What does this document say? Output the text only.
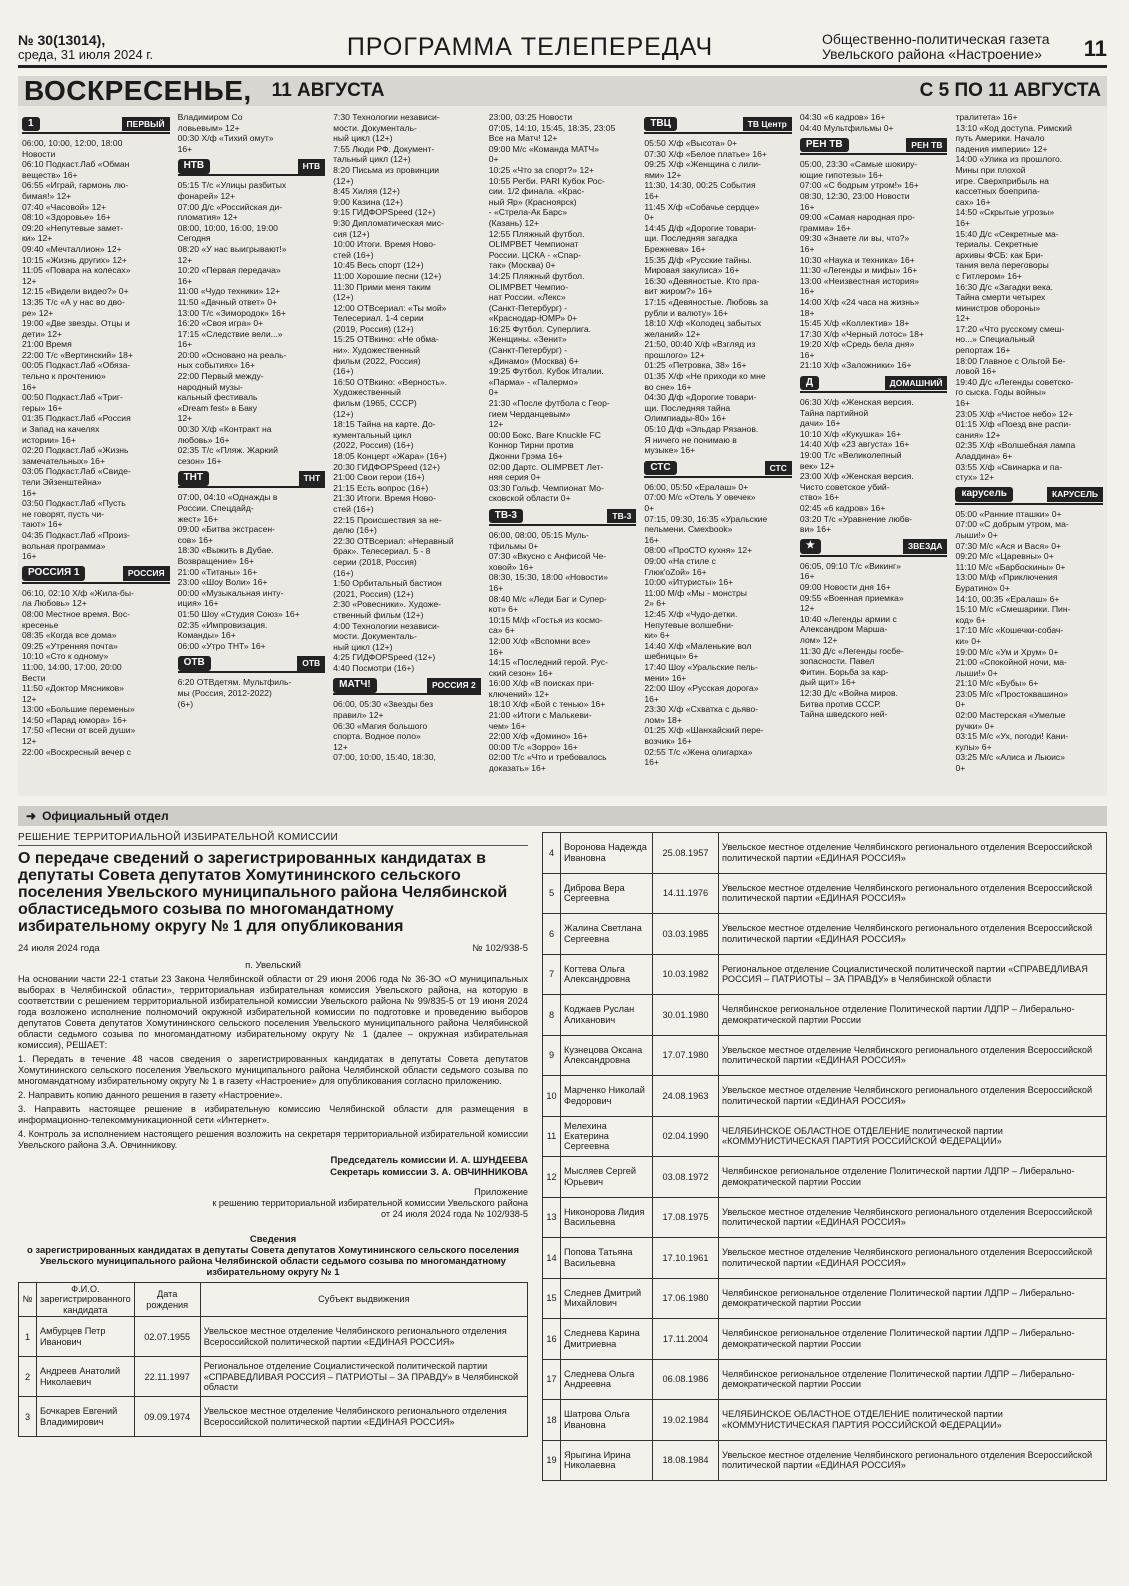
№ 30(13014),
среда, 31 июля 2024 г.	ПРОГРАММА ТЕЛЕПЕРЕДАЧ	Общественно-политическая газета
Увельского района «Настроение»	11
ВОСКРЕСЕНЬЕ, 11 АВГУСТА	С 5 ПО 11 АВГУСТА
1	ПЕРВЫЙ
06:00, 10:00, 12:00, 18:00
Новости
06:10 Подкаст.Лаб «Обман
веществ» 16+
06:55 «Играй, гармонь лю-
бимая!» 12+
07:40 «Часовой» 12+
08:10 «Здоровье» 16+
09:20 «Непутевые замет-
ки» 12+
09:40 «Мечталлион» 12+
10:15 «Жизнь других» 12+
11:05 «Повара на колесах»
12+
12:15 «Видели видео?» 0+
13:35 Т/с «А у нас во дво-
ре» 12+
19:00 «Две звезды. Отцы и
дети» 12+
21:00 Время
22:00 Т/с «Вертинский» 18+
00:05 Подкаст.Лаб «Обяза-
тельно к прочтению»
16+
00:50 Подкаст.Лаб «Триг-
геры» 16+
01:35 Подкаст.Лаб «Россия
и Запад на качелях
истории» 16+
02:20 Подкаст.Лаб «Жизнь
замечательных» 16+
03:05 Подкаст.Лаб «Свиде-
тели Эйзенштейна»
16+
03:50 Подкаст.Лаб «Пусть
не говорят, пусть чи-
тают» 16+
04:35 Подкаст.Лаб «Произ-
вольная программа»
16+
РОССИЯ 1	РОССИЯ
06:10, 02:10 Х/ф «Жила-бы-
ла Любовь» 12+
08:00 Местное время. Вос-
кресенье
08:35 «Когда все дома»
09:25 «Утренняя почта»
10:10 «Сто к одному»
11:00, 14:00, 17:00, 20:00
Вести
11:50 «Доктор Мясников»
12+
13:00 «Большие перемены»
14:50 «Парад юмора» 16+
17:50 «Песни от всей души»
12+
22:00 «Воскресный вечер с
Владимиром Со
ловьевым» 12+
00:30 Х/ф «Тихий омут»
16+
НТВ	НТВ
05:15 Т/с «Улицы разбитых
фонарей» 12+
07:00 Д/с «Российская ди-
пломатия» 12+
08:00, 10:00, 16:00, 19:00
Сегодня
08:20 «У нас выигрывают!»
12+
10:20 «Первая передача»
16+
11:00 «Чудо техники» 12+
11:50 «Дачный ответ» 0+
13:00 Т/с «Зимородок» 16+
16:20 «Своя игра» 0+
17:15 «Следствие вели...»
16+
20:00 «Основано на реаль-
ных событиях» 16+
22:00 Первый между-
народный музы-
кальный фестиваль
«Dream fest» в Баку
12+
00:30 Х/ф «Контракт на
любовь» 16+
02:35 Т/с «Пляж. Жаркий
сезон» 16+
ТНТ	ТНТ
07:00, 04:10 «Однажды в
России. Спецдайд-
жест» 16+
09:00 «Битва экстрасен-
сов» 16+
18:30 «Выжить в Дубае.
Возвращение» 16+
21:00 «Титаны» 16+
23:00 «Шоу Воли» 16+
00:00 «Музыкальная инту-
иция» 16+
01:50 Шоу «Студия Союз» 16+
02:35 «Импровизация.
Команды» 16+
06:00 «Утро ТНТ» 16+
ОТВ	ОТВ
6:20 ОТВдетям. Мультфиль-
мы (Россия, 2012-2022)
(6+)
7:30 Технологии независи-
мости. Документаль-
ный цикл (12+)
7:55 Люди РФ. Документ-
тальный цикл (12+)
8:20 Письма из провинции
(12+)
8:45 Хиляя (12+)
9:00 Казина (12+)
9:15 ГИДФОРSpeed (12+)
9:30 Дипломатическая мис-
сия (12+)
10:00 Итоги. Время Ново-
стей (16+)
10:45 Весь спорт (12+)
11:00 Хорошие песни (12+)
11:30 Прими меня таким
(12+)
12:00 ОТВсериал: «Ты мой»
Телесериал. 1-4 серии
(2019, Россия) (12+)
15:25 ОТВкино: «Не обма-
ни». Художественный
фильм (2022, Россия)
(16+)
16:50 ОТВкино: «Верность».
Художественный
фильм (1965, СССР)
(12+)
18:15 Тайна на карте. До-
кументальный цикл
(2022, Россия) (16+)
18:05 Концерт «Жара» (16+)
20:30 ГИДФОРSpeed (12+)
21:00 Свои герои (16+)
21:15 Есть вопрос (16+)
21:30 Итоги. Время Ново-
стей (16+)
22:15 Происшествия за не-
делю (16+)
22:30 ОТВсериал: «Неравный
брак». Телесериал. 5 - 8
серии (2018, Россия)
(16+)
1:50 Орбитальный бастион
(2021, Россия) (12+)
2:30 «Ровесники». Художе-
ственный фильм (12+)
4:00 Технологии независи-
мости. Документаль-
ный цикл (12+)
4:25 ГИДФОРSpeed (12+)
4:40 Посмотри (16+)
МАТЧ!	РОССИЯ 2
06:00, 05:30 «Звезды без
правил» 12+
06:30 «Магия большого
спорта. Водное поло»
12+
07:00, 10:00, 15:40, 18:30,
23:00, 03:25 Новости
07:05, 14:10, 15:45, 18:35, 23:05
Все на Матч! 12+
09:00 М/с «Команда МАТЧ»
0+
10:25 «Что за спорт?» 12+
10:55 Регби. PARI Кубок Рос-
сии. 1/2 финала. «Крас-
ный Яр» (Красноярск)
- «Стрела-Ак Барс»
(Казань) 12+
12:55 Пляжный футбол.
OLIMPBET Чемпионат
России. ЦСКА - «Спар-
так» (Москва) 0+
14:25 Пляжный футбол.
OLIMPBET Чемпио-
нат России. «Лекс»
(Санкт-Петербург) -
«Краснодар-ЮМР» 0+
16:25 Футбол. Суперлига.
Женщины. «Зенит»
(Санкт-Петербург) -
«Динамо» (Москва) 6+
19:25 Футбол. Кубок Италии.
«Парма» - «Палермо»
0+
21:30 «После футбола с Геор-
гием Черданцевым»
12+
00:00 Бокс. Bare Knuckle FC
Коннор Тирни против
Джонни Грэма 16+
02:00 Дартс. OLIMPBET Лет-
няя серия 0+
03:30 Гольф. Чемпионат Мо-
сковской области 0+
ТВ-3	ТВ-3
06:00, 08:00, 05:15 Муль-
тфильмы 0+
07:30 «Вкусно с Анфисой Че-
ховой» 16+
08:30, 15:30, 18:00 «Новости»
16+
08:40 М/с «Леди Баг и Супер-
кот» 6+
10:15 М/ф «Гостья из космо-
са» 6+
12:00 Х/ф «Вспомни все»
16+
14:15 «Последний герой. Рус-
ский сезон» 16+
16:00 Х/ф «В поисках при-
ключений» 12+
18:10 Х/ф «Бой с тенью» 16+
21:00 «Итоги с Малькеви-
чем» 16+
22:00 Х/ф «Домино» 16+
00:00 Т/с «Зорро» 16+
02:00 Т/с «Что и требовалось
доказать» 16+
ТВЦ	ТВ Центр
05:50 Х/ф «Высота» 0+
07:30 Х/ф «Белое платье» 16+
09:25 Х/ф «Женщина с лили-
ями» 12+
11:30, 14:30, 00:25 События
16+
11:45 Х/ф «Собачье сердце»
0+
14:45 Д/ф «Дорогие товари-
щи. Последняя загадка
Брежнева» 16+
15:35 Д/ф «Русские тайны.
Мировая закулиса» 16+
16:30 «Девяностые. Кто пра-
вит жиром?» 16+
17:15 «Девяностые. Любовь за
рубли и валюту» 16+
18:10 Х/ф «Колодец забытых
желаний» 12+
21:50, 00:40 Х/ф «Взгляд из
прошлого» 12+
01:25 «Петровка, 38» 16+
01:35 Х/ф «Не приходи ко мне
во сне» 16+
04:30 Д/ф «Дорогие товари-
щи. Последняя тайна
Олимпиады-80» 16+
05:10 Д/ф «Эльдар Рязанов.
Я ничего не понимаю в
музыке» 16+
СТС	СТС
06:00, 05:50 «Ералаш» 0+
07:00 М/с «Отель У овечек»
0+
07:15, 09:30, 16:35 «Уральские
пельмени. Смехbook»
16+
08:00 «ПроСТО кухня» 12+
09:00 «На стиле с
Глюк'oZой» 16+
10:00 «Итуристы» 16+
11:00 М/ф «Мы - монстры
2» 6+
12:45 Х/ф «Чудо-детки.
Непутевые волшебни-
ки» 6+
14:40 Х/ф «Маленькие вол
шебницы» 6+
17:40 Шоу «Уральские пель-
мени» 16+
22:00 Шоу «Русская дорога»
16+
23:30 Х/ф «Схватка с дьяво-
лом» 18+
01:25 Х/ф «Шанхайский пере-
возчик» 16+
02:55 Т/с «Жена олигарха»
16+
04:30 «6 кадров» 16+
04:40 Мультфильмы 0+
РЕН ТВ	РЕН ТВ
05:00, 23:30 «Самые шокиру-
ющие гипотезы» 16+
07:00 «С бодрым утром!» 16+
08:30, 12:30, 23:00 Новости
16+
09:00 «Самая народная про-
грамма» 16+
09:30 «Знаете ли вы, что?»
16+
10:30 «Наука и техника» 16+
11:30 «Легенды и мифы» 16+
13:00 «Неизвестная история»
16+
14:00 Х/ф «24 часа на жизнь»
18+
15:45 Х/ф «Коллектив» 18+
17:30 Х/ф «Черный лотос» 18+
19:20 Х/ф «Средь бела дня»
16+
21:10 Х/ф «Заложники» 16+
Д	ДОМАШНИЙ
06:30 Х/ф «Женская версия.
Тайна партийной
дачи» 16+
10:10 Х/ф «Кукушка» 16+
14:40 Х/ф «23 августа» 16+
19:00 Т/с «Великолепный
век» 12+
23:00 Х/ф «Женская версия.
Чисто советское убий-
ство» 16+
02:45 «6 кадров» 16+
03:20 Т/с «Уравнение любв-
ви» 16+
★	ЗВЕЗДА
06:05, 09:10 Т/с «Викинг»
16+
09:00 Новости дня 16+
09:55 «Военная приемка»
12+
10:40 «Легенды армии с
Александром Марша-
лом» 12+
11:30 Д/с «Легенды госбе-
зопасности. Павел
Фитин. Борьба за кар-
дый щит» 16+
12:30 Д/с «Война миров.
Битва против СССР.
Тайна шведского ней-
тралитета» 16+
13:10 «Код доступа. Римский
путь Америки. Начало
падения империи» 12+
14:00 «Улика из прошлого.
Мины при плохой
игре. Сверхприбыль на
кассетных боеприпа-
сах» 16+
14:50 «Скрытые угрозы»
16+
15:40 Д/с «Секретные ма-
териалы. Секретные
архивы ФСБ: как Бри-
тания вела переговоры
с Гитлером» 16+
16:30 Д/с «Загадки века.
Тайна смерти четырех
министров обороны»
12+
17:20 «Что русскому смеш-
но...» Специальный
репортаж 16+
18:00 Главное с Ольгой Бе-
ловой 16+
19:40 Д/с «Легенды советско-
го сыска. Годы войны»
16+
23:05 Х/ф «Чистое небо» 12+
01:15 Х/ф «Поезд вне распи-
сания» 12+
02:35 Х/ф «Волшебная лампа
Аладдина» 6+
03:55 Х/ф «Свинарка и па-
стух» 12+
карусель	КАРУСЕЛЬ
05:00 «Ранние пташки» 0+
07:00 «С добрым утром, ма-
лыши!» 0+
07:30 М/с «Ася и Вася» 0+
09:20 М/с «Царевны» 0+
11:10 М/с «Барбоскины» 0+
13:00 М/ф «Приключения
Буратино» 0+
14:10, 00:35 «Ералаш» 6+
15:10 М/с «Смешарики. Пин-
код» 6+
17:10 М/с «Кошечки-собач-
ки» 0+
19:00 М/с «Ум и Хрум» 0+
21:00 «Спокойной ночи, ма-
лыши!» 0+
21:10 М/с «Бубы» 6+
23:05 М/с «Простоквашино»
0+
02:00 Мастерская «Умелые
ручки» 0+
03:15 М/с «Ух, погоди! Кани-
кулы» 6+
03:25 М/с «Алиса и Льюис»
0+
➜ Официальный отдел
РЕШЕНИЕ ТЕРРИТОРИАЛЬНОЙ ИЗБИРАТЕЛЬНОЙ КОМИССИИ
О передаче сведений о зарегистрированных кандидатах в депутаты Совета депутатов Хомутининского сельского поселения Увельского муниципального района Челябинской областиседьмого созыва по многомандатному избирательному округу № 1 для опубликования
24 июля 2024 года	№ 102/938-5
п. Увельский
На основании части 22-1 статьи 23 Закона Челябинской области от 29 июня 2006 года № 36-ЗО «О муниципальных выборах в Челябинской области», территориальная избирательная комиссия Увельского района, на которую в соответствии с решением территориальной избирательной комиссии Увельского района № 99/835-5 от 19 июня 2024 года возложено исполнение полномочий окружной избирательной комиссии по подготовке и проведению выборов депутатов Совета депутатов Хомутининского сельского поселения Увельского муниципального района Челябинской области седьмого созыва по многомандатному избирательному округу № 1 (далее – окружная избирательная комиссия), РЕШАЕТ:
1. Передать в течение 48 часов сведения о зарегистрированных кандидатах в депутаты Совета депутатов Хомутининского сельского поселения Увельского муниципального района Челябинской области седьмого созыва по многомандатному избирательному округу № 1 в газету «Настроение» для опубликования согласно приложению.
2. Направить копию данного решения в газету «Настроение».
3. Направить настоящее решение в избирательную комиссию Челябинской области для размещения в информационно-телекоммуникационной сети «Интернет».
4. Контроль за исполнением настоящего решения возложить на секретаря территориальной избирательной комиссии Увельского района З.А. Овчинникову.
Председатель комиссии И. А. ШУНДЕЕВА
Секретарь комиссии З. А. ОВЧИННИКОВА
Приложение
к решению территориальной избирательной комиссии Увельского района
от 24 июля 2024 года № 102/938-5
Сведения
о зарегистрированных кандидатах в депутаты Совета депутатов Хомутининского сельского поселения Увельского муниципального района Челябинской области седьмого созыва по многомандатному избирательному округу № 1
№	Ф.И.О. зарегистрированного кандидата	Дата рождения	Субъект выдвижения
1	Амбурцев Петр Иванович	02.07.1955	Увельское местное отделение Челябинского регионального отделения Всероссийской политической партии «ЕДИНАЯ РОССИЯ»
2	Андреев Анатолий Николаевич	22.11.1997	Региональное отделение Социалистической политической партии «СПРАВЕДЛИВАЯ РОССИЯ – ПАТРИОТЫ – ЗА ПРАВДУ» в Челябинской области
3	Бочкарев Евгений Владимирович	09.09.1974	Увельское местное отделение Челябинского регионального отделения Всероссийской политической партии «ЕДИНАЯ РОССИЯ»
4	Воронова Надежда Ивановна	25.08.1957	Увельское местное отделение Челябинского регионального отделения Всероссийской политической партии «ЕДИНАЯ РОССИЯ»
5	Диброва Вера Сергеевна	14.11.1976	Увельское местное отделение Челябинского регионального отделения Всероссийской политической партии «ЕДИНАЯ РОССИЯ»
6	Жалина Светлана Сергеевна	03.03.1985	Увельское местное отделение Челябинского регионального отделения Всероссийской политической партии «ЕДИНАЯ РОССИЯ»
7	Когтева Ольга Александровна	10.03.1982	Региональное отделение Социалистической политической партии «СПРАВЕДЛИВАЯ РОССИЯ – ПАТРИОТЫ – ЗА ПРАВДУ» в Челябинской области
8	Коджаев Руслан Алиханович	30.01.1980	Челябинское региональное отделение Политической партии ЛДПР – Либерально-демократической партии России
9	Кузнецова Оксана Александровна	17.07.1980	Увельское местное отделение Челябинского регионального отделения Всероссийской политической партии «ЕДИНАЯ РОССИЯ»
10	Марченко Николай Федорович	24.08.1963	Увельское местное отделение Челябинского регионального отделения Всероссийской политической партии «ЕДИНАЯ РОССИЯ»
11	Мелехина Екатерина Сергеевна	02.04.1990	ЧЕЛЯБИНСКОЕ ОБЛАСТНОЕ ОТДЕЛЕНИЕ политической партии «КОММУНИСТИЧЕСКАЯ ПАРТИЯ РОССИЙСКОЙ ФЕДЕРАЦИИ»
12	Мысляев Сергей Юрьевич	03.08.1972	Челябинское региональное отделение Политической партии ЛДПР – Либерально-демократической партии России
13	Никонорова Лидия Васильевна	17.08.1975	Увельское местное отделение Челябинского регионального отделения Всероссийской политической партии «ЕДИНАЯ РОССИЯ»
14	Попова Татьяна Васильевна	17.10.1961	Увельское местное отделение Челябинского регионального отделения Всероссийской политической партии «ЕДИНАЯ РОССИЯ»
15	Следнев Дмитрий Михайлович	17.06.1980	Челябинское региональное отделение Политической партии ЛДПР – Либерально-демократической партии России
16	Следнева Карина Дмитриевна	17.11.2004	Челябинское региональное отделение Политической партии ЛДПР – Либерально-демократической партии России
17	Следнева Ольга Андреевна	06.08.1986	Челябинское региональное отделение Политической партии ЛДПР – Либерально-демократической партии России
18	Шатрова Ольга Ивановна	19.02.1984	ЧЕЛЯБИНСКОЕ ОБЛАСТНОЕ ОТДЕЛЕНИЕ политической партии «КОММУНИСТИЧЕСКАЯ ПАРТИЯ РОССИЙСКОЙ ФЕДЕРАЦИИ»
19	Ярыгина Ирина Николаевна	18.08.1984	Увельское местное отделение Челябинского регионального отделения Всероссийской политической партии «ЕДИНАЯ РОССИЯ»
